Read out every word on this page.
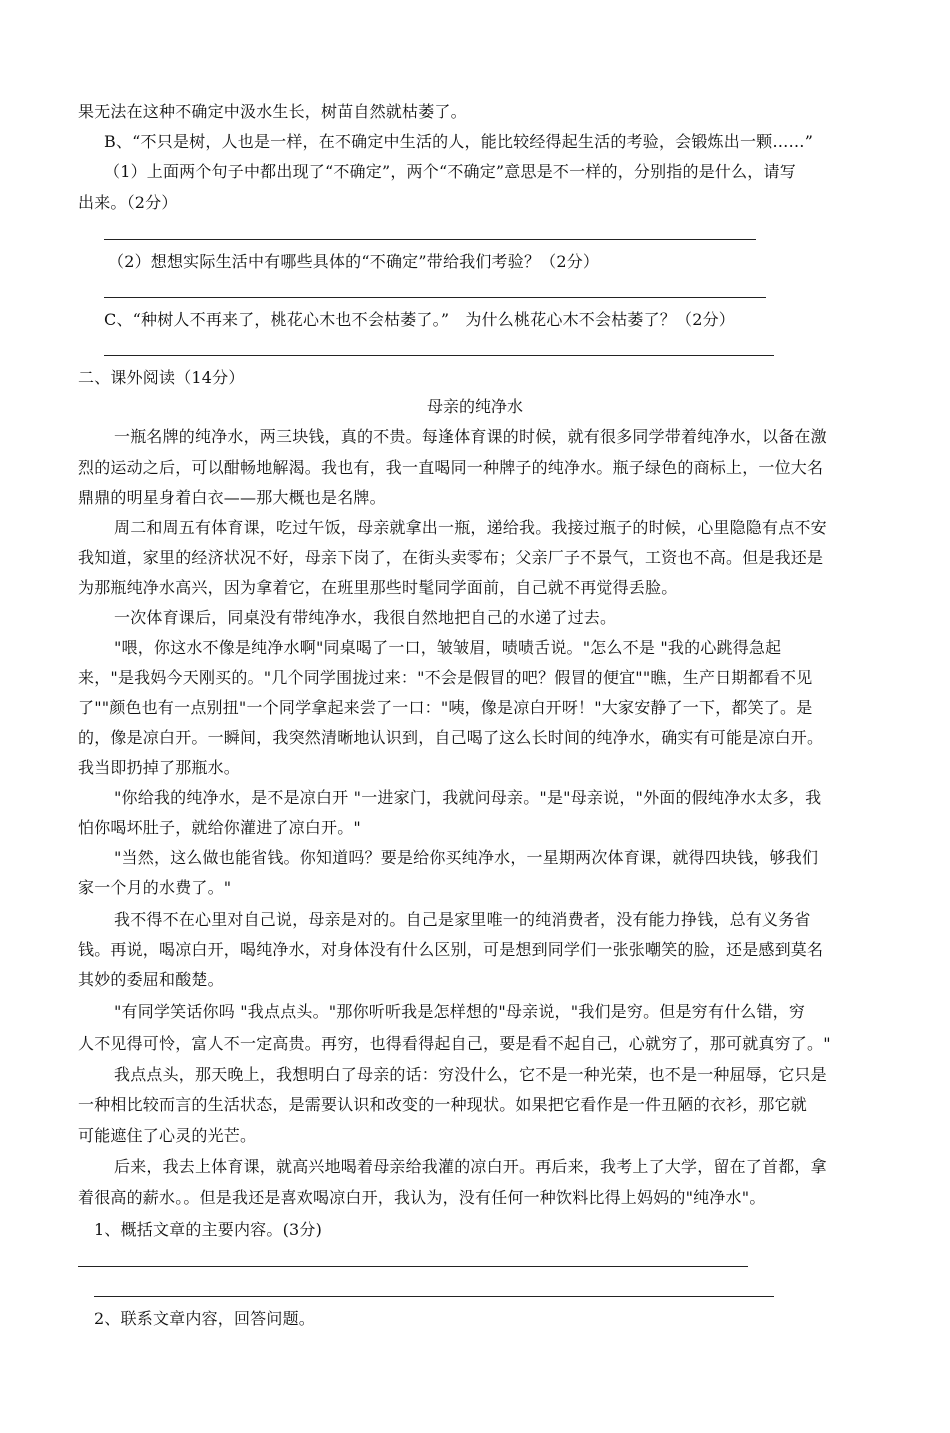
果无法在这种不确定中汲水生长，树苗自然就枯萎了。
B、“不只是树，人也是一样，在不确定中生活的人，能比较经得起生活的考验，会锻炼出一颗……”
（1）上面两个句子中都出现了“不确定”，两个“不确定”意思是不一样的，分别指的是什么，请写
出来。（2分）
（2）想想实际生活中有哪些具体的“不确定”带给我们考验？（2分）
C、“种树人不再来了，桃花心木也不会枯萎了。”　为什么桃花心木不会枯萎了？（2分）
二、课外阅读（14分）
母亲的纯净水
一瓶名牌的纯净水，两三块钱，真的不贵。每逢体育课的时候，就有很多同学带着纯净水，以备在激
烈的运动之后，可以酣畅地解渴。我也有，我一直喝同一种牌子的纯净水。瓶子绿色的商标上，一位大名
鼎鼎的明星身着白衣——那大概也是名牌。
周二和周五有体育课，吃过午饭，母亲就拿出一瓶，递给我。我接过瓶子的时候，心里隐隐有点不安
我知道，家里的经济状况不好，母亲下岗了，在街头卖零布；父亲厂子不景气，工资也不高。但是我还是
为那瓶纯净水高兴，因为拿着它，在班里那些时髦同学面前，自己就不再觉得丢脸。
一次体育课后，同桌没有带纯净水，我很自然地把自己的水递了过去。
"喂，你这水不像是纯净水啊"同桌喝了一口，皱皱眉，啧啧舌说。"怎么不是 "我的心跳得急起
来，"是我妈今天刚买的。"几个同学围拢过来："不会是假冒的吧？假冒的便宜""瞧，生产日期都看不见
了""颜色也有一点别扭"一个同学拿起来尝了一口："咦，像是凉白开呀！"大家安静了一下，都笑了。是
的，像是凉白开。一瞬间，我突然清晰地认识到，自己喝了这么长时间的纯净水，确实有可能是凉白开。
我当即扔掉了那瓶水。
"你给我的纯净水，是不是凉白开 "一进家门，我就问母亲。"是"母亲说，"外面的假纯净水太多，我
怕你喝坏肚子，就给你灌进了凉白开。"
"当然，这么做也能省钱。你知道吗？要是给你买纯净水，一星期两次体育课，就得四块钱，够我们
家一个月的水费了。"
我不得不在心里对自己说，母亲是对的。自己是家里唯一的纯消费者，没有能力挣钱，总有义务省
钱。再说，喝凉白开，喝纯净水，对身体没有什么区别，可是想到同学们一张张嘲笑的脸，还是感到莫名
其妙的委屈和酸楚。
"有同学笑话你吗 "我点点头。"那你听听我是怎样想的"母亲说，"我们是穷。但是穷有什么错，穷
人不见得可怜，富人不一定高贵。再穷，也得看得起自己，要是看不起自己，心就穷了，那可就真穷了。"
我点点头，那天晚上，我想明白了母亲的话：穷没什么，它不是一种光荣，也不是一种屈辱，它只是
一种相比较而言的生活状态，是需要认识和改变的一种现状。如果把它看作是一件丑陋的衣衫，那它就
可能遮住了心灵的光芒。
后来，我去上体育课，就高兴地喝着母亲给我灌的凉白开。再后来，我考上了大学，留在了首都，拿
着很高的薪水。。但是我还是喜欢喝凉白开，我认为，没有任何一种饮料比得上妈妈的"纯净水"。
1、概括文章的主要内容。(3分)
2、联系文章内容，回答问题。
